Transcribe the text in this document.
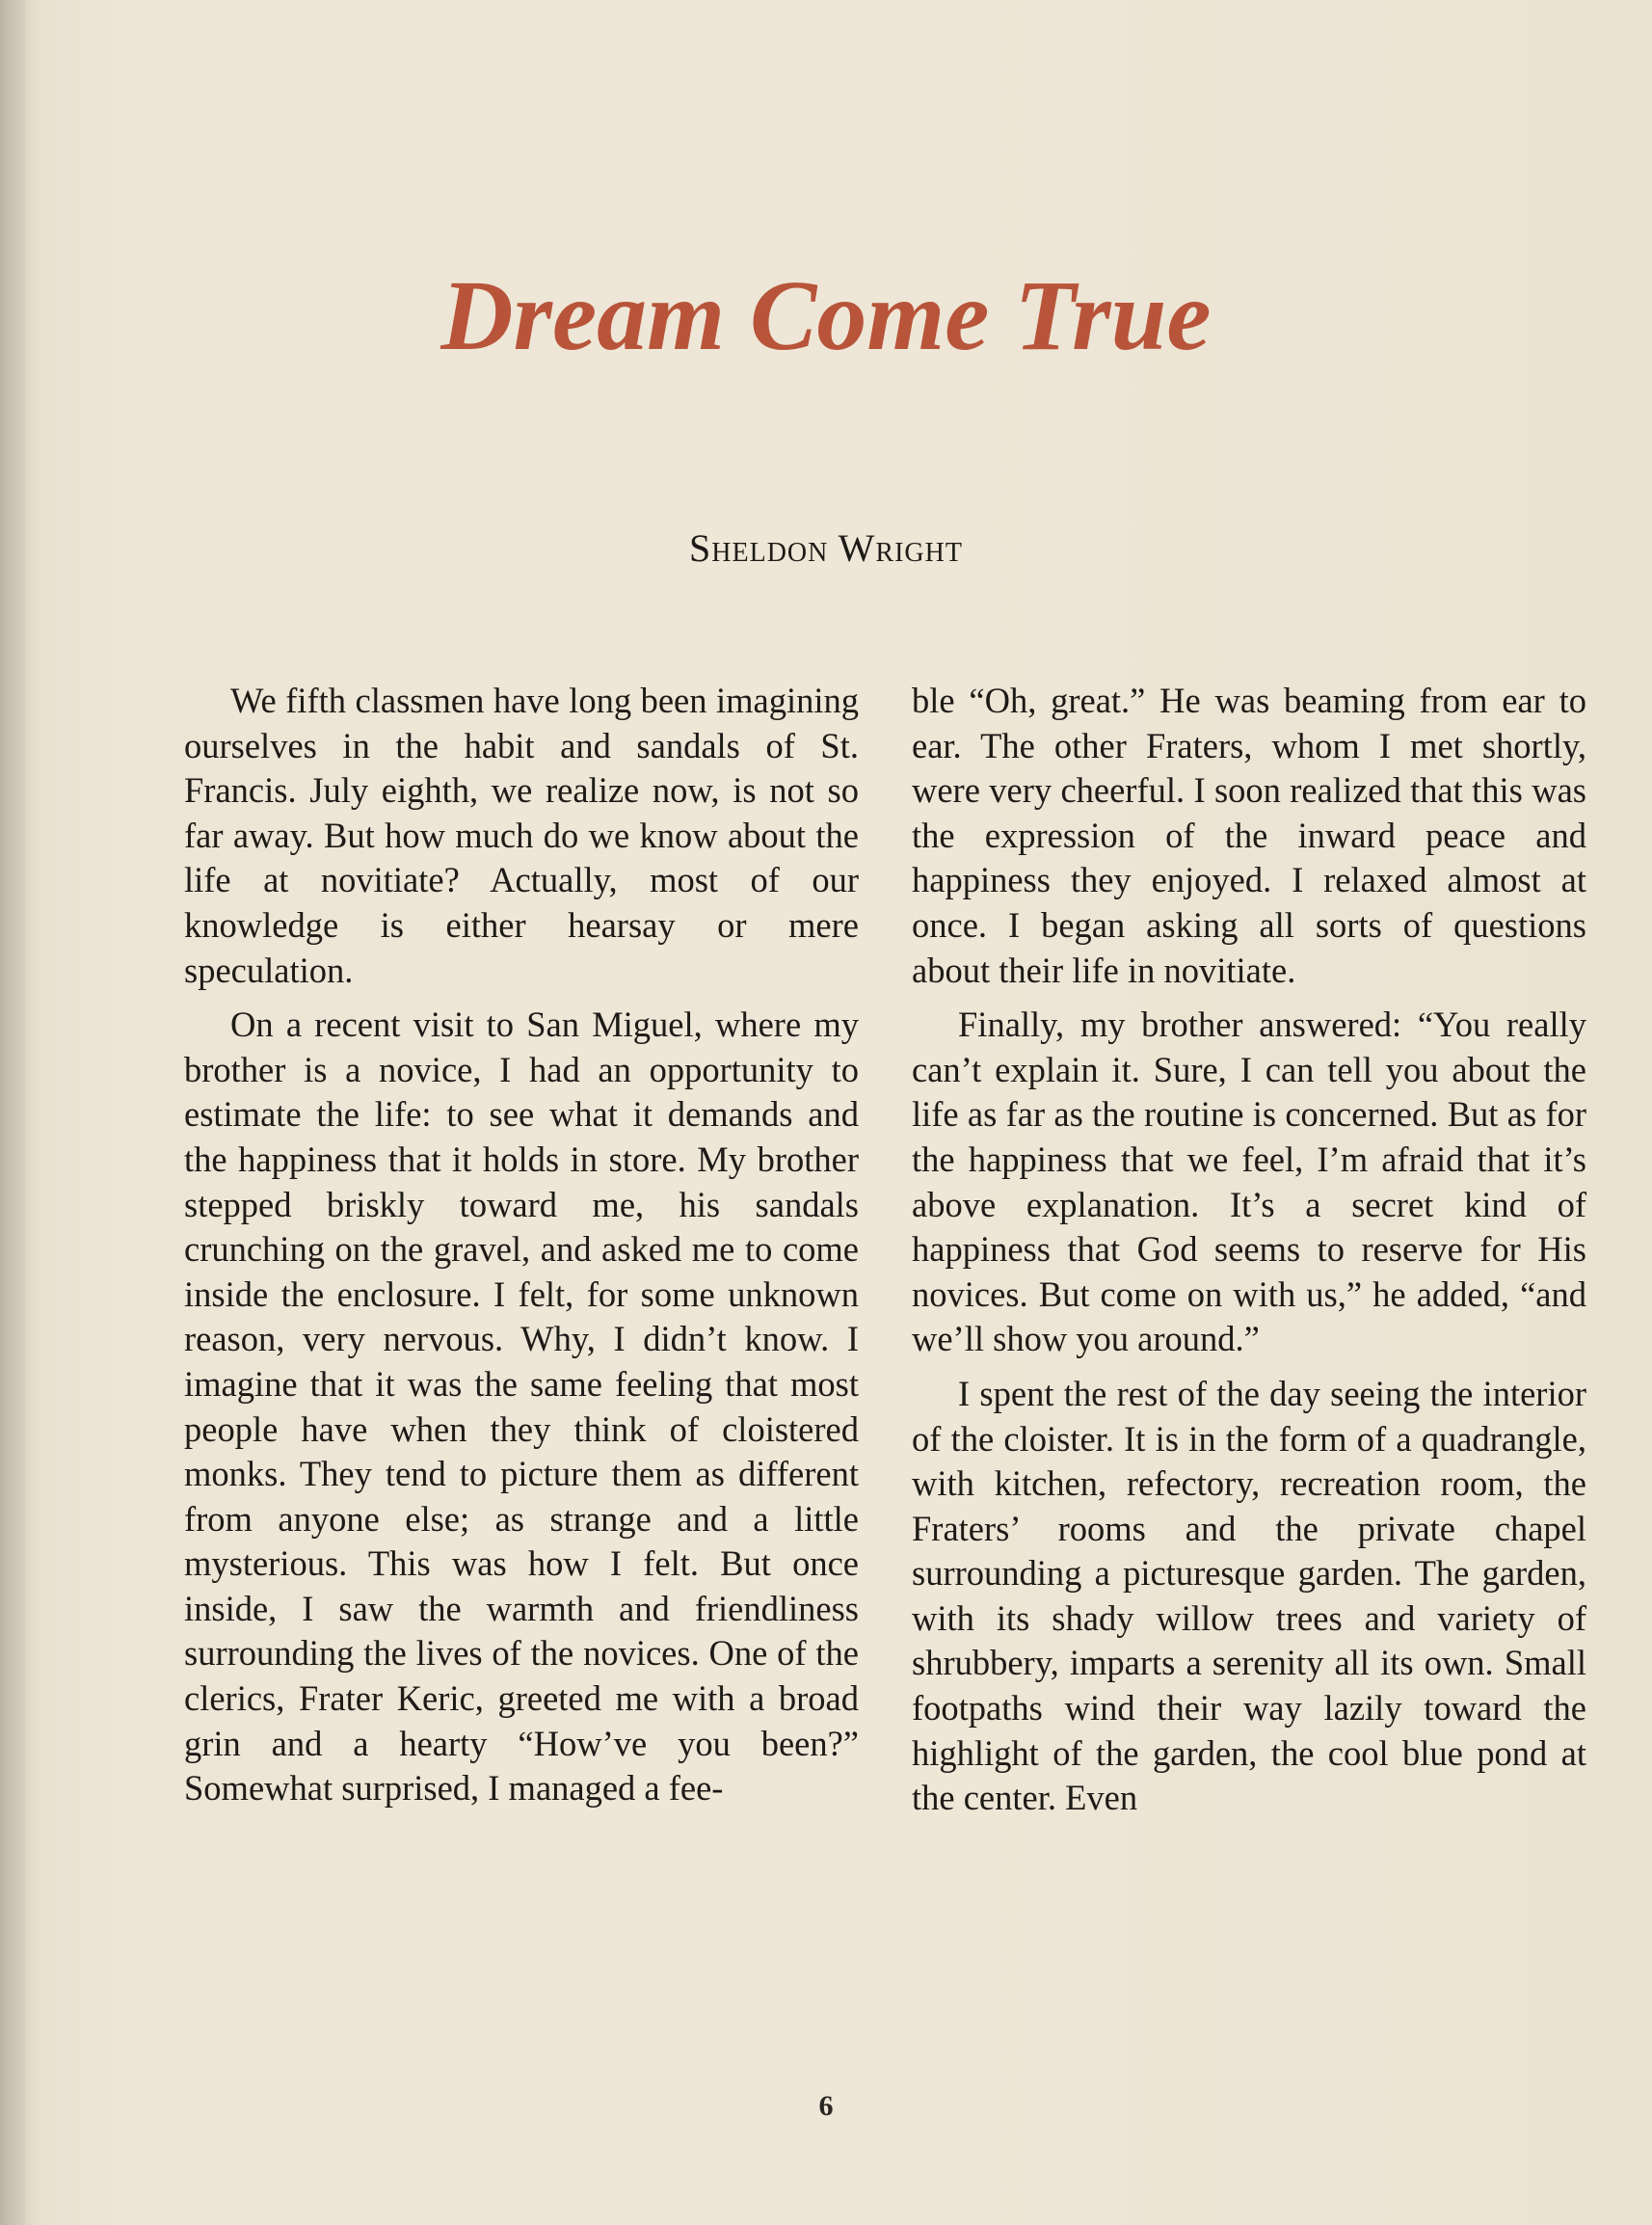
Dream Come True
Sheldon Wright

We fifth classmen have long been imagining ourselves in the habit and sandals of St. Francis. July eighth, we realize now, is not so far away. But how much do we know about the life at novitiate? Actually, most of our knowledge is either hearsay or mere speculation.

On a recent visit to San Miguel, where my brother is a novice, I had an opportunity to estimate the life: to see what it demands and the happiness that it holds in store. My brother stepped briskly toward me, his sandals crunching on the gravel, and asked me to come inside the enclosure. I felt, for some unknown reason, very nervous. Why, I didn’t know. I imagine that it was the same feeling that most people have when they think of cloistered monks. They tend to picture them as different from anyone else; as strange and a little mysterious. This was how I felt. But once inside, I saw the warmth and friendliness surrounding the lives of the novices. One of the clerics, Frater Keric, greeted me with a broad grin and a hearty “How’ve you been?” Somewhat surprised, I managed a fee-

ble “Oh, great.” He was beaming from ear to ear. The other Fraters, whom I met shortly, were very cheerful. I soon realized that this was the expression of the inward peace and happiness they enjoyed. I relaxed almost at once. I began asking all sorts of questions about their life in novitiate.

Finally, my brother answered: “You really can’t explain it. Sure, I can tell you about the life as far as the routine is concerned. But as for the happiness that we feel, I’m afraid that it’s above explanation. It’s a secret kind of happiness that God seems to reserve for His novices. But come on with us,” he added, “and we’ll show you around.”

I spent the rest of the day seeing the interior of the cloister. It is in the form of a quadrangle, with kitchen, refectory, recreation room, the Fraters’ rooms and the private chapel surrounding a picturesque garden. The garden, with its shady willow trees and variety of shrubbery, imparts a serenity all its own. Small footpaths wind their way lazily toward the highlight of the garden, the cool blue pond at the center. Even

6
